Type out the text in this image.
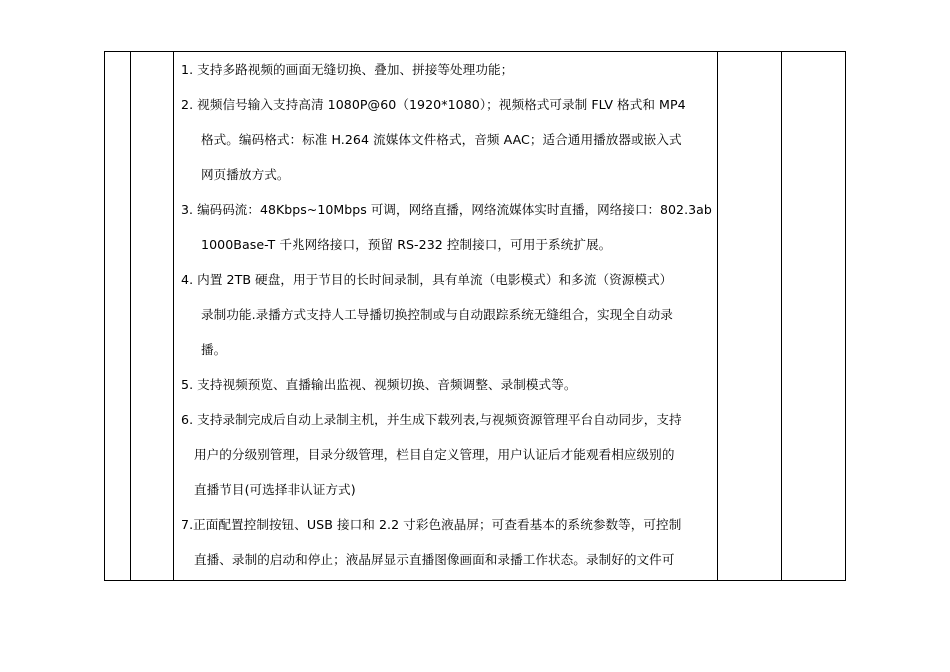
1. 支持多路视频的画面无缝切换、叠加、拼接等处理功能；
2. 视频信号输入支持高清 1080P@60（1920*1080）；视频格式可录制 FLV 格式和 MP4
格式。编码格式：标准 H.264 流媒体文件格式，音频 AAC；适合通用播放器或嵌入式
网页播放方式。
3. 编码码流：48Kbps~10Mbps 可调，网络直播，网络流媒体实时直播，网络接口：802.3ab
1000Base-T 千兆网络接口，预留 RS-232 控制接口，可用于系统扩展。
4. 内置 2TB 硬盘，用于节目的长时间录制，具有单流（电影模式）和多流（资源模式）
录制功能.录播方式支持人工导播切换控制或与自动跟踪系统无缝组合，实现全自动录
播。
5. 支持视频预览、直播输出监视、视频切换、音频调整、录制模式等。
6. 支持录制完成后自动上录制主机，并生成下载列表,与视频资源管理平台自动同步，支持
用户的分级别管理，目录分级管理，栏目自定义管理，用户认证后才能观看相应级别的
直播节目(可选择非认证方式)
7.正面配置控制按钮、USB 接口和 2.2 寸彩色液晶屏；可查看基本的系统参数等，可控制
直播、录制的启动和停止；液晶屏显示直播图像画面和录播工作状态。录制好的文件可
